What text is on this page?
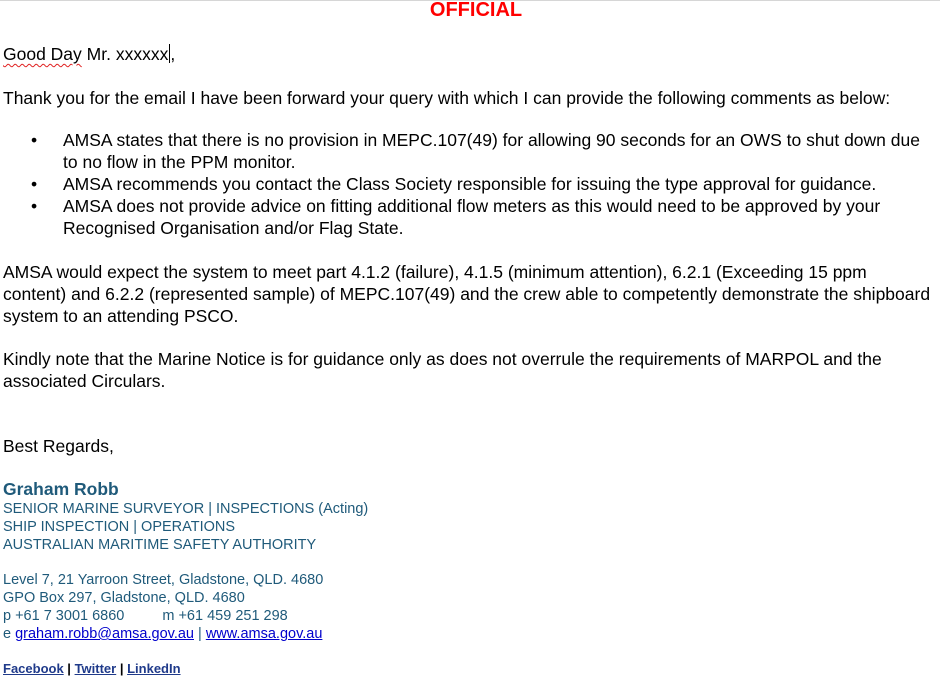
OFFICIAL
Good Day Mr. xxxxxx ,
Thank you for the email I have been forward your query with which I can provide the following comments as below:
• AMSA states that there is no provision in MEPC.107(49) for allowing 90 seconds for an OWS to shut down due to no flow in the PPM monitor.
• AMSA recommends you contact the Class Society responsible for issuing the type approval for guidance.
• AMSA does not provide advice on fitting additional flow meters as this would need to be approved by your Recognised Organisation and/or Flag State.
AMSA would expect the system to meet part 4.1.2 (failure), 4.1.5 (minimum attention), 6.2.1 (Exceeding 15 ppm content) and 6.2.2 (represented sample) of MEPC.107(49) and the crew able to competently demonstrate the shipboard system to an attending PSCO.
Kindly note that the Marine Notice is for guidance only as does not overrule the requirements of MARPOL and the associated Circulars.
Best Regards,
Graham Robb
SENIOR MARINE SURVEYOR | INSPECTIONS (Acting)
SHIP INSPECTION | OPERATIONS
AUSTRALIAN MARITIME SAFETY AUTHORITY
Level 7, 21 Yarroon Street, Gladstone, QLD. 4680
GPO Box 297, Gladstone, QLD. 4680
p +61 7 3001 6860	m +61 459 251 298
e graham.robb@amsa.gov.au | www.amsa.gov.au
Facebook | Twitter | LinkedIn
